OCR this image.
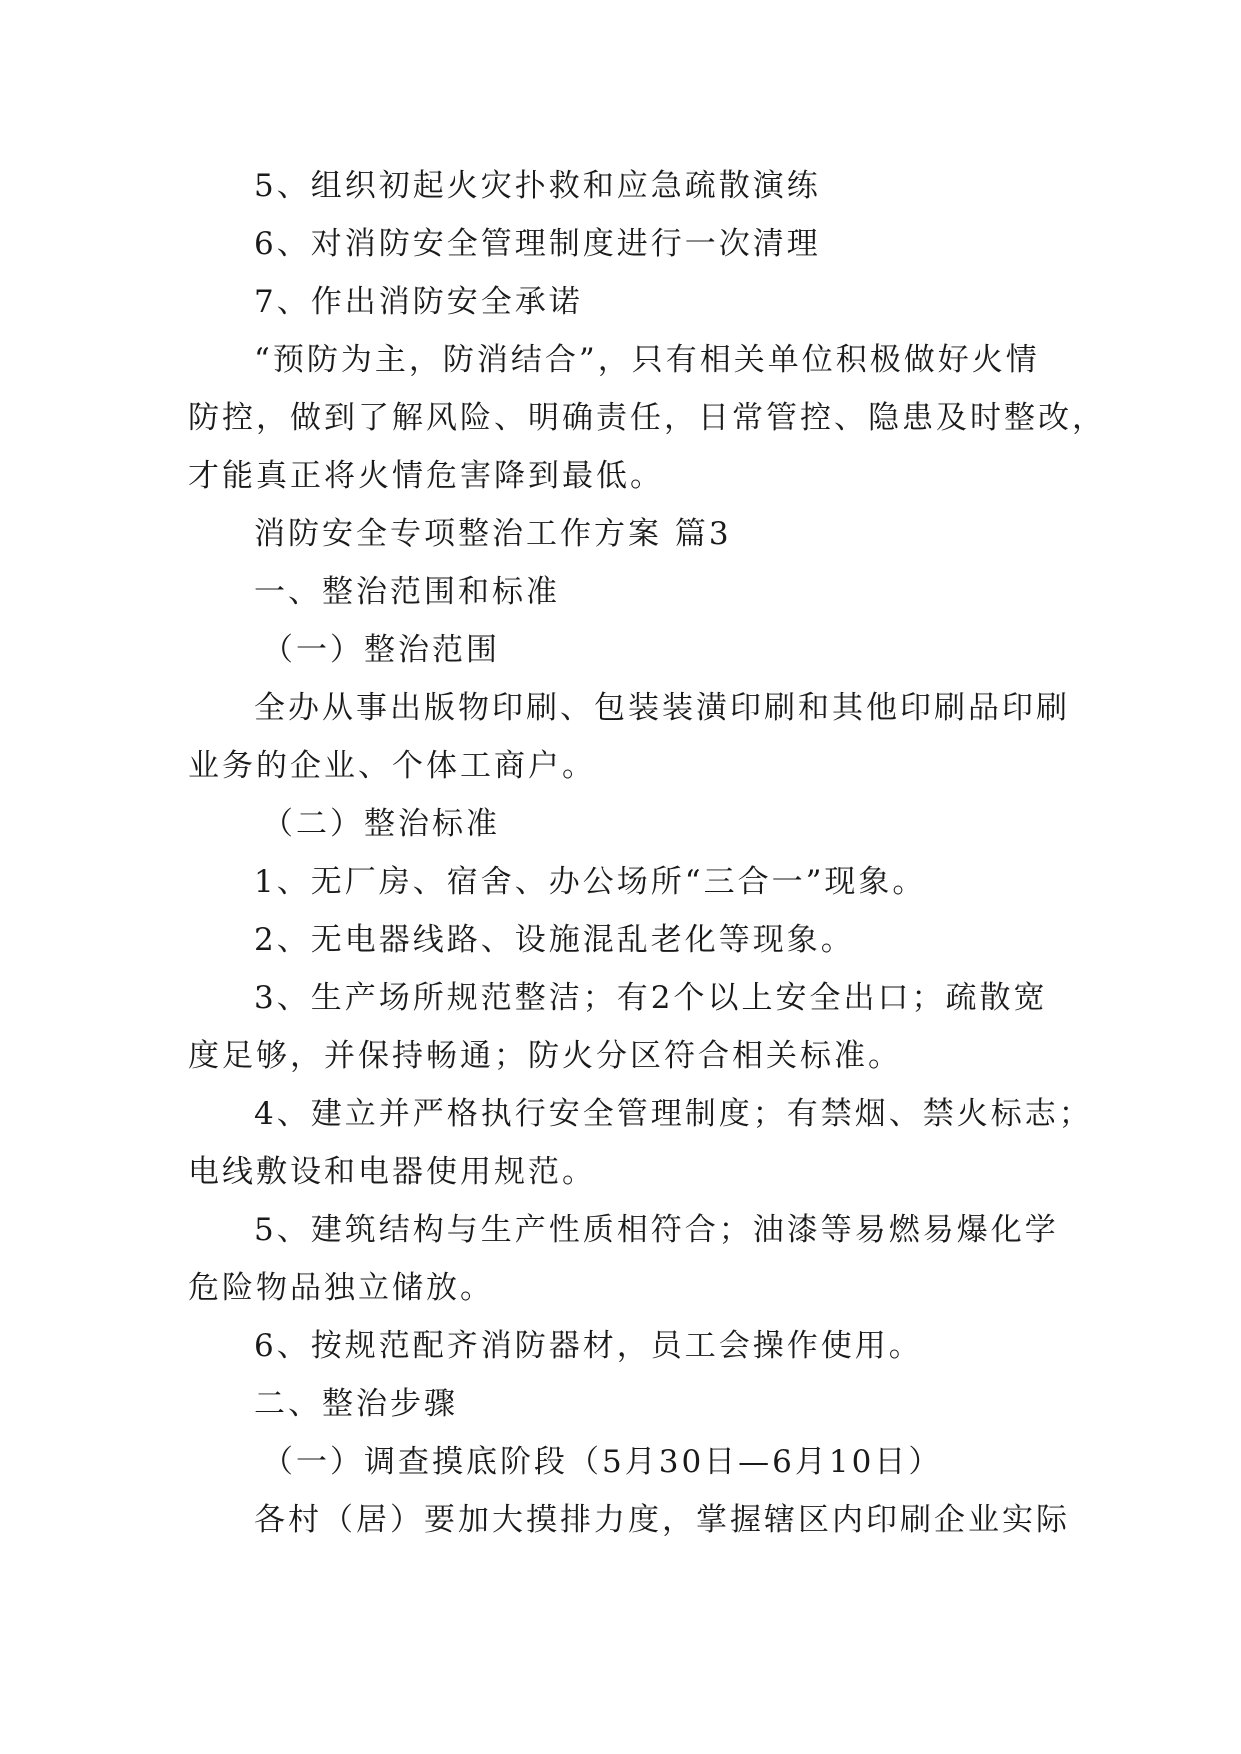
5、组织初起火灾扑救和应急疏散演练
6、对消防安全管理制度进行一次清理
7、作出消防安全承诺
“预防为主，防消结合”，只有相关单位积极做好火情
防控，做到了解风险、明确责任，日常管控、隐患及时整改，
才能真正将火情危害降到最低。
消防安全专项整治工作方案 篇3
一、整治范围和标准
（一）整治范围
全办从事出版物印刷、包装装潢印刷和其他印刷品印刷
业务的企业、个体工商户。
（二）整治标准
1、无厂房、宿舍、办公场所“三合一”现象。
2、无电器线路、设施混乱老化等现象。
3、生产场所规范整洁；有2个以上安全出口；疏散宽
度足够，并保持畅通；防火分区符合相关标准。
4、建立并严格执行安全管理制度；有禁烟、禁火标志；
电线敷设和电器使用规范。
5、建筑结构与生产性质相符合；油漆等易燃易爆化学
危险物品独立储放。
6、按规范配齐消防器材，员工会操作使用。
二、整治步骤
（一）调查摸底阶段（5月30日—6月10日）
各村（居）要加大摸排力度，掌握辖区内印刷企业实际
